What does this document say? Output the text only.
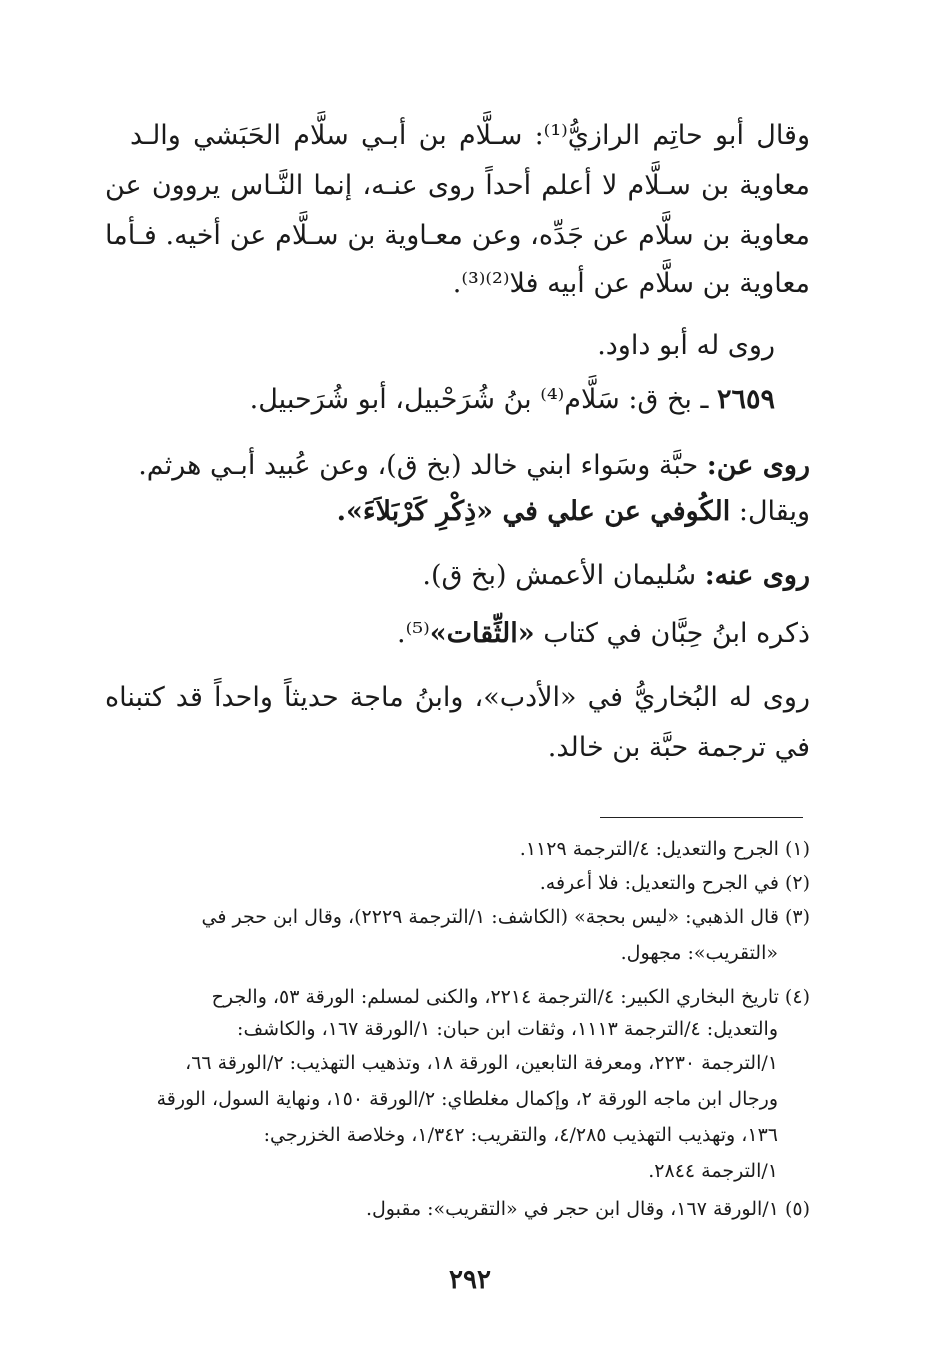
وقال أبو حاتِم الرازيُّ⁽¹⁾: سـلَّام بن أبـي سلَّام الحَبَشي والـد
معاوية بن سـلَّام لا أعلم أحداً روى عنـه، إنما النَّـاس يروون عن
معاوية بن سلَّام عن جَدِّه، وعن معـاوية بن سـلَّام عن أخيه. فـأما
معاوية بن سلَّام عن أبيه فلا⁽²⁾⁽³⁾.
روى له أبو داود.
٢٦٥٩ ـ بخ ق: سَلَّام⁽⁴⁾ بنُ شُرَحْبيل، أبو شُرَحبيل.
روى عن: حبَّة وسَواء ابني خالد (بخ ق)، وعن عُبيد أبـي هرثم.
ويقال: الكُوفي عن علي في «ذِكْرِ كَرْبَلاَءَ».
روى عنه: سُليمان الأعمش (بخ ق).
ذكره ابنُ حِبَّان في كتاب «الثِّقات»⁽⁵⁾.
روى له البُخاريُّ في «الأدب»، وابنُ ماجة حديثاً واحداً قد كتبناه
في ترجمة حبَّة بن خالد.
(١) الجرح والتعديل: ٤/الترجمة ١١٢٩.
(٢) في الجرح والتعديل: فلا أعرفه.
(٣) قال الذهبي: «ليس بحجة» (الكاشف: ١/الترجمة ٢٢٢٩)، وقال ابن حجر في
«التقريب»: مجهول.
(٤) تاريخ البخاري الكبير: ٤/الترجمة ٢٢١٤، والكنى لمسلم: الورقة ٥٣، والجرح
والتعديل: ٤/الترجمة ١١١٣، وثقات ابن حبان: ١/الورقة ١٦٧، والكاشف:
١/الترجمة ٢٢٣٠، ومعرفة التابعين، الورقة ١٨، وتذهيب التهذيب: ٢/الورقة ٦٦،
ورجال ابن ماجه الورقة ٢، وإكمال مغلطاي: ٢/الورقة ١٥٠، ونهاية السول، الورقة
١٣٦، وتهذيب التهذيب ٤/٢٨٥، والتقريب: ١/٣٤٢، وخلاصة الخزرجي:
١/الترجمة ٢٨٤٤.
(٥) ١/الورقة ١٦٧، وقال ابن حجر في «التقريب»: مقبول.
٢٩٢
